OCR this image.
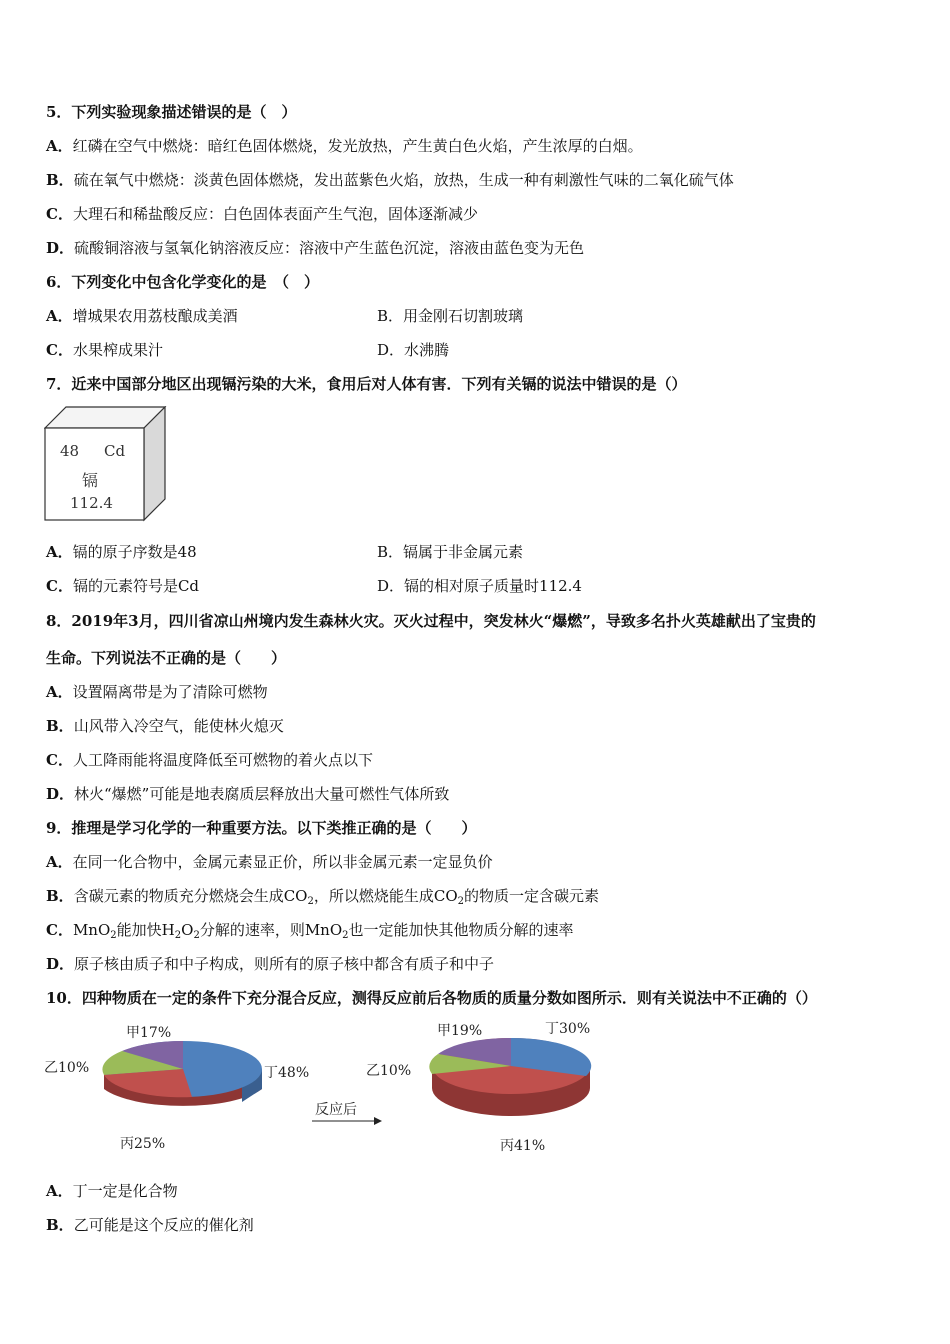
5．下列实验现象描述错误的是（　）
A．红磷在空气中燃烧：暗红色固体燃烧，发光放热，产生黄白色火焰，产生浓厚的白烟。
B．硫在氧气中燃烧：淡黄色固体燃烧，发出蓝紫色火焰，放热，生成一种有刺激性气味的二氧化硫气体
C．大理石和稀盐酸反应：白色固体表面产生气泡，固体逐渐减少
D．硫酸铜溶液与氢氧化钠溶液反应：溶液中产生蓝色沉淀，溶液由蓝色变为无色
6．下列变化中包含化学变化的是　（　）
A．增城果农用荔枝酿成美酒	B．用金刚石切割玻璃
C．水果榨成果汁	D．水沸腾
7．近来中国部分地区出现镉污染的大米，食用后对人体有害．下列有关镉的说法中错误的是（）
48 Cd
镉
112.4
A．镉的原子序数是48	B．镉属于非金属元素
C．镉的元素符号是Cd	D．镉的相对原子质量时112.4
8．2019年3月，四川省凉山州境内发生森林火灾。灭火过程中，突发林火“爆燃”，导致多名扑火英雄献出了宝贵的
生命。下列说法不正确的是（　　）
A．设置隔离带是为了清除可燃物
B．山风带入冷空气，能使林火熄灭
C．人工降雨能将温度降低至可燃物的着火点以下
D．林火“爆燃”可能是地表腐质层释放出大量可燃性气体所致
9．推理是学习化学的一种重要方法。以下类推正确的是（　　）
A．在同一化合物中，金属元素显正价，所以非金属元素一定显负价
B．含碳元素的物质充分燃烧会生成$CO_2$，所以燃烧能生成$CO_2$的物质一定含碳元素
C．MnO$_2$能加快$H_2O_2$分解的速率，则MnO$_2$也一定能加快其他物质分解的速率
D．原子核由质子和中子构成，则所有的原子核中都含有质子和中子
10．四种物质在一定的条件下充分混合反应，测得反应前后各物质的质量分数如图所示．则有关说法中不正确的（）
甲17%
乙10%	丁48%
丙25%
反应后
甲19%
乙10%
丁30%
丙41%
A．丁一定是化合物
B．乙可能是这个反应的催化剂
